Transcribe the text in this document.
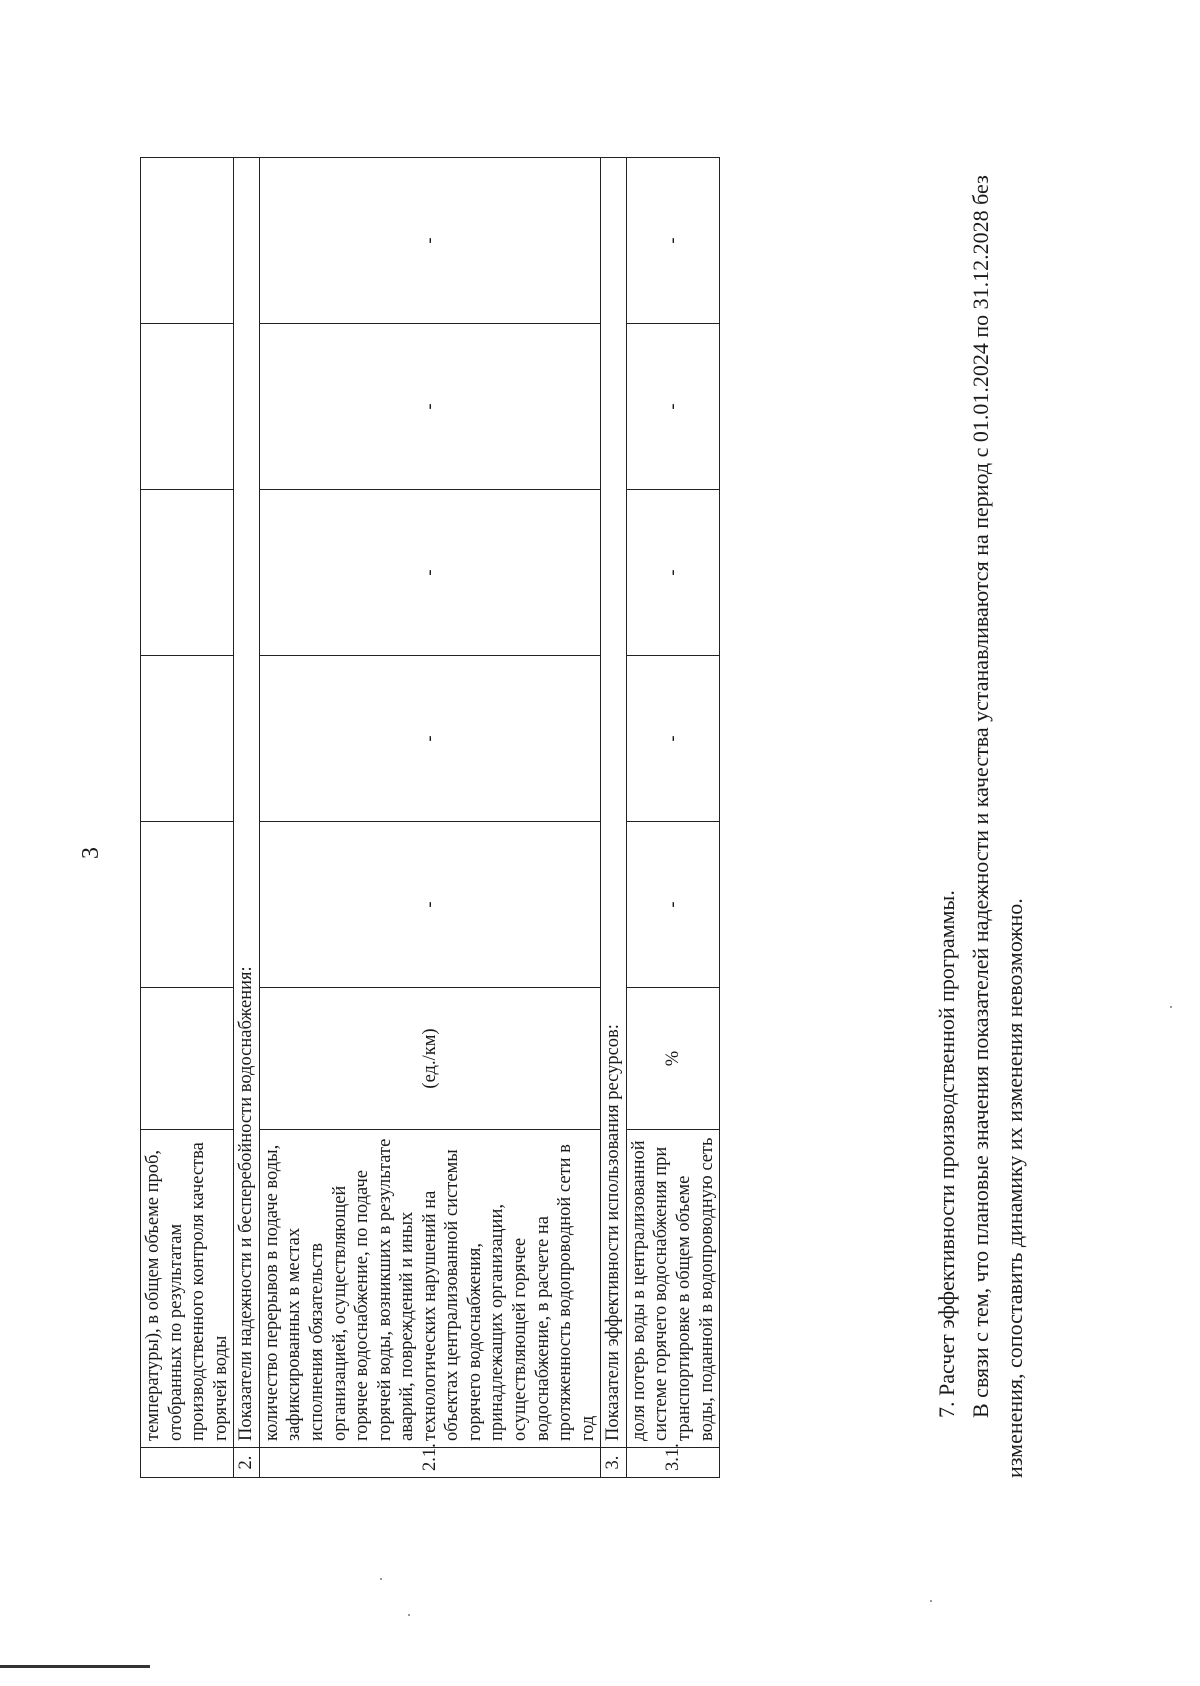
3
	температуры), в общем объеме проб, отобранных по результатам производственного контроля качества горячей воды						
2.	Показатели надежности и бесперебойности водоснабжения:						
2.1.	количество перерывов в подаче воды, зафиксированных в местах исполнения обязательств организацией, осуществляющей горячее водоснабжение, по подаче горячей воды, возникших в результате аварий, повреждений и иных технологических нарушений на объектах централизованной системы горячего водоснабжения, принадлежащих организации, осуществляющей горячее водоснабжение, в расчете на протяженность водопроводной сети в год	(ед./км)	-	-	-	-	-
3.	Показатели эффективности использования ресурсов:						
3.1.	доля потерь воды в централизованной системе горячего водоснабжения при транспортировке в общем объеме воды, поданной в водопроводную сеть	%	-	-	-	-	-

7. Расчет эффективности производственной программы. В связи с тем, что плановые значения показателей надежности и качества устанавливаются на период с 01.01.2024 по 31.12.2028 без изменения, сопоставить динамику их изменения невозможно.
